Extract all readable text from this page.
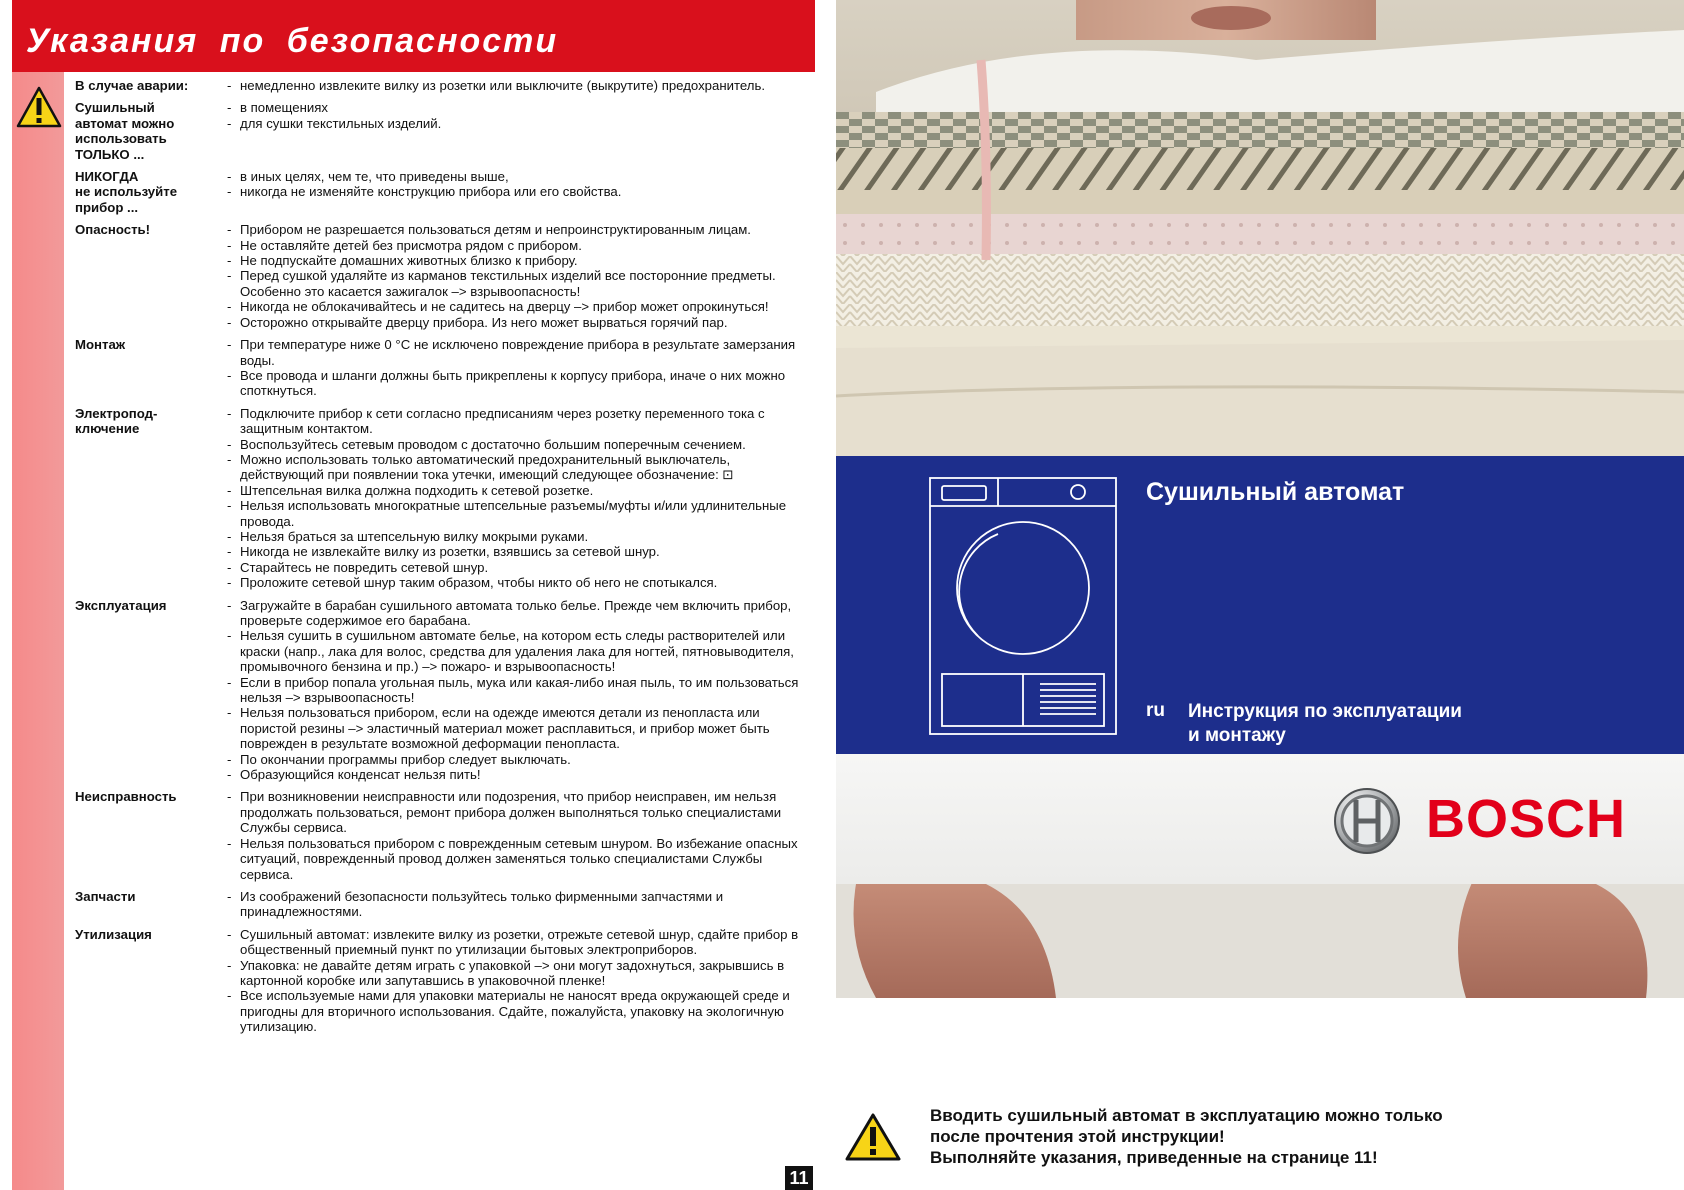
Указания по безопасности
В случае аварии:	- немедленно извлеките вилку из розетки или выключите (выкрутите) предохранитель.
Сушильный
автомат можно
использовать
ТОЛЬКО ...
- в помещениях
- для сушки текстильных изделий.
НИКОГДА
не используйте
прибор ...
- в иных целях, чем те, что приведены выше,
- никогда не изменяйте конструкцию прибора или его свойства.
Опасность!	- Прибором не разрешается пользоваться детям и непроинструктированным лицам.
- Не оставляйте детей без присмотра рядом с прибором.
- Не подпускайте домашних животных близко к прибору.
- Перед сушкой удаляйте из карманов текстильных изделий все посторонние предметы. Особенно это касается зажигалок –> взрывоопасность!
- Никогда не облокачивайтесь и не садитесь на дверцу –> прибор может опрокинуться!
- Осторожно открывайте дверцу прибора. Из него может вырваться горячий пар.
Монтаж	- При температуре ниже 0 °C не исключено повреждение прибора в результате замерзания воды.
- Все провода и шланги должны быть прикреплены к корпусу прибора, иначе о них можно споткнуться.
Электропод-
ключение
- Подключите прибор к сети согласно предписаниям через розетку переменного тока с защитным контактом.
- Воспользуйтесь сетевым проводом с достаточно большим поперечным сечением.
- Можно использовать только автоматический предохранительный выключатель, действующий при появлении тока утечки, имеющий следующее обозначение: ⊡
- Штепсельная вилка должна подходить к сетевой розетке.
- Нельзя использовать многократные штепсельные разъемы/муфты и/или удлинительные провода.
- Нельзя браться за штепсельную вилку мокрыми руками.
- Никогда не извлекайте вилку из розетки, взявшись за сетевой шнур.
- Старайтесь не повредить сетевой шнур.
- Проложите сетевой шнур таким образом, чтобы никто об него не спотыкался.
Эксплуатация	- Загружайте в барабан сушильного автомата только белье. Прежде чем включить прибор, проверьте содержимое его барабана.
- Нельзя сушить в сушильном автомате белье, на котором есть следы растворителей или краски (напр., лака для волос, средства для удаления лака для ногтей, пятновыводителя, промывочного бензина и пр.) –> пожаро- и взрывоопасность!
- Если в прибор попала угольная пыль, мука или какая-либо иная пыль, то им пользоваться нельзя –> взрывоопасность!
- Нельзя пользоваться прибором, если на одежде имеются детали из пенопласта или пористой резины –> эластичный материал может расплавиться, и прибор может быть поврежден в результате возможной деформации пенопласта.
- По окончании программы прибор следует выключать.
- Образующийся конденсат нельзя пить!
Неисправность	- При возникновении неисправности или подозрения, что прибор неисправен, им нельзя продолжать пользоваться, ремонт прибора должен выполняться только специалистами Службы сервиса.
- Нельзя пользоваться прибором с поврежденным сетевым шнуром. Во избежание опасных ситуаций, поврежденный провод должен заменяться только специалистами Службы сервиса.
Запчасти	- Из соображений безопасности пользуйтесь только фирменными запчастями и принадлежностями.
Утилизация	- Сушильный автомат: извлеките вилку из розетки, отрежьте сетевой шнур, сдайте прибор в общественный приемный пункт по утилизации бытовых электроприборов.
- Упаковка: не давайте детям играть с упаковкой –> они могут задохнуться, закрывшись в картонной коробке или запутавшись в упаковочной пленке!
- Все используемые нами для упаковки материалы не наносят вреда окружающей среде и пригодны для вторичного использования. Сдайте, пожалуйста, упаковку на экологичную утилизацию.
11
Сушильный автомат
ru Инструкция по эксплуатации
и монтажу
BOSCH
Вводить сушильный автомат в эксплуатацию можно только
после прочтения этой инструкции!
Выполняйте указания, приведенные на странице 11!
